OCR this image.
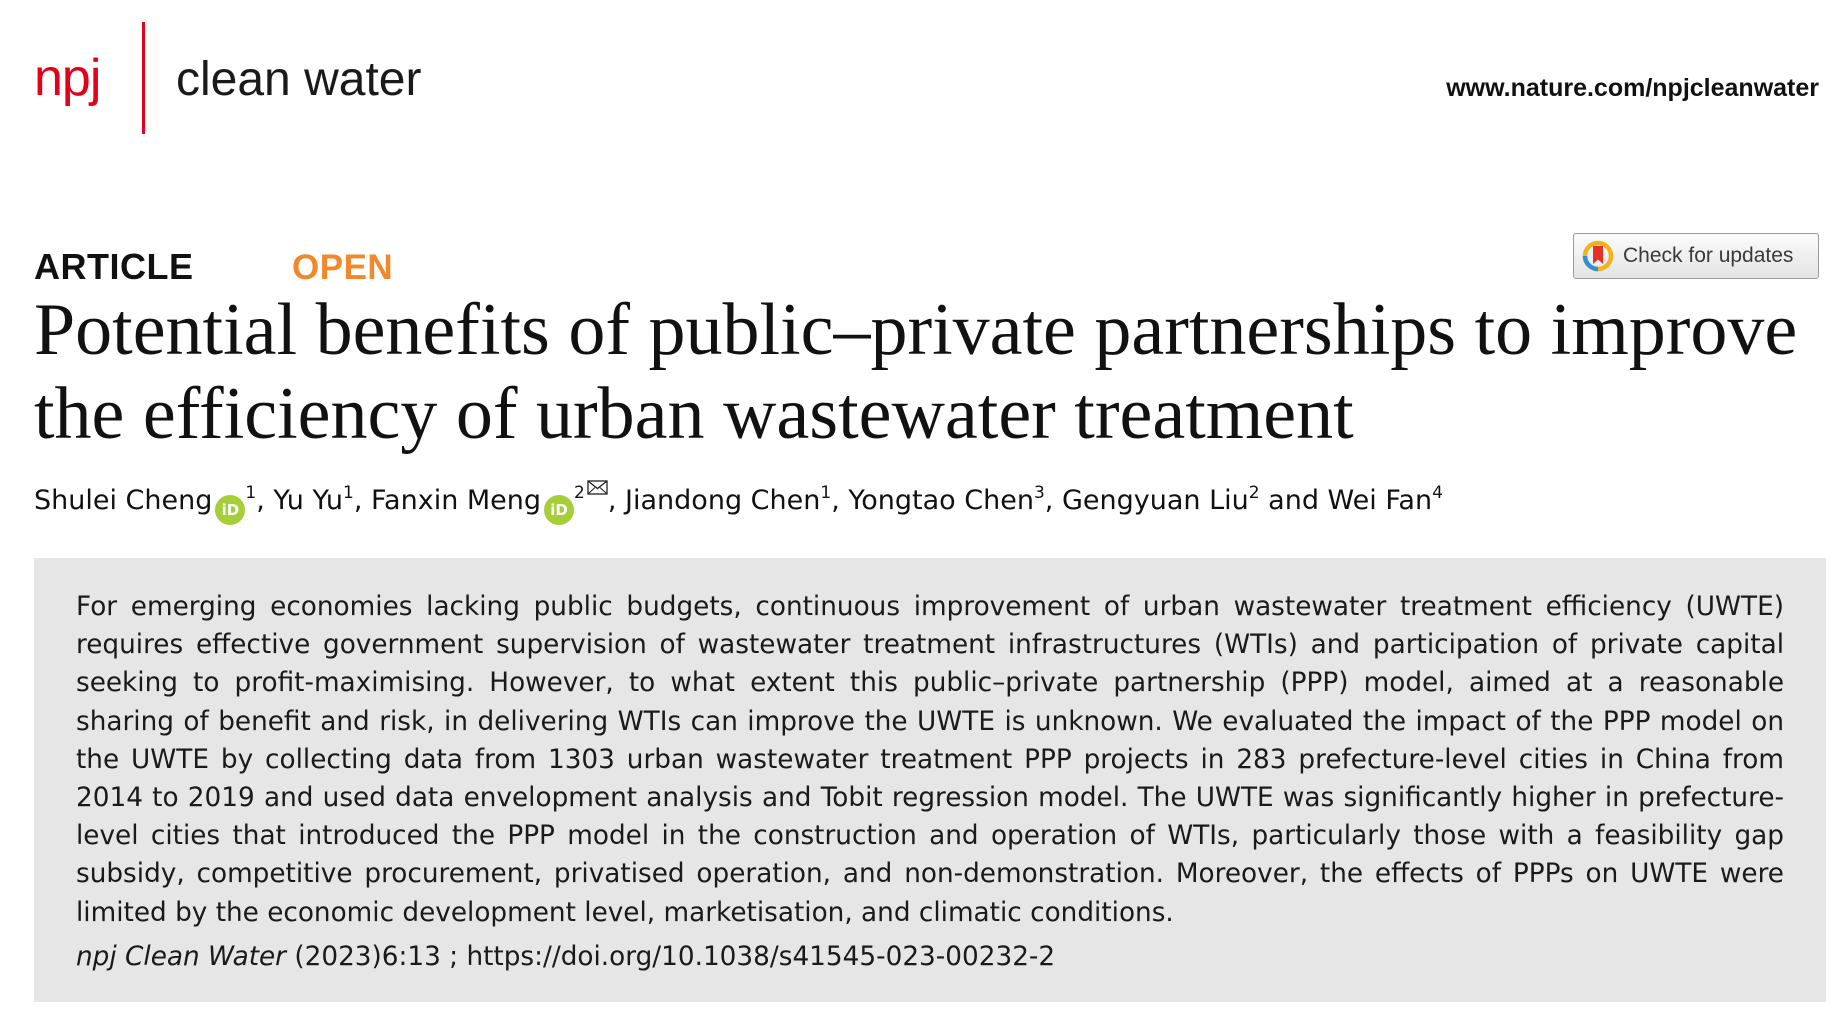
npj clean water	www.nature.com/npjcleanwater
ARTICLE	OPEN	Check for updates
Potential benefits of public–private partnerships to improve the efficiency of urban wastewater treatment
Shulei Cheng $iD^1$, Yu Yu$^1$, Fanxin Meng $iD^2$ , Jiandong Chen$^1$, Yongtao Chen$^3$, Gengyuan Liu$^2$ and Wei Fan$^4$

For emerging economies lacking public budgets, continuous improvement of urban wastewater treatment efficiency (UWTE) requires effective government supervision of wastewater treatment infrastructures (WTIs) and participation of private capital seeking to profit-maximising. However, to what extent this public–private partnership (PPP) model, aimed at a reasonable sharing of benefit and risk, in delivering WTIs can improve the UWTE is unknown. We evaluated the impact of the PPP model on the UWTE by collecting data from 1303 urban wastewater treatment PPP projects in 283 prefecture-level cities in China from 2014 to 2019 and used data envelopment analysis and Tobit regression model. The UWTE was significantly higher in prefecture-level cities that introduced the PPP model in the construction and operation of WTIs, particularly those with a feasibility gap subsidy, competitive procurement, privatised operation, and non-demonstration. Moreover, the effects of PPPs on UWTE were limited by the economic development level, marketisation, and climatic conditions.

npj Clean Water (2023)6:13 ; https://doi.org/10.1038/s41545-023-00232-2
